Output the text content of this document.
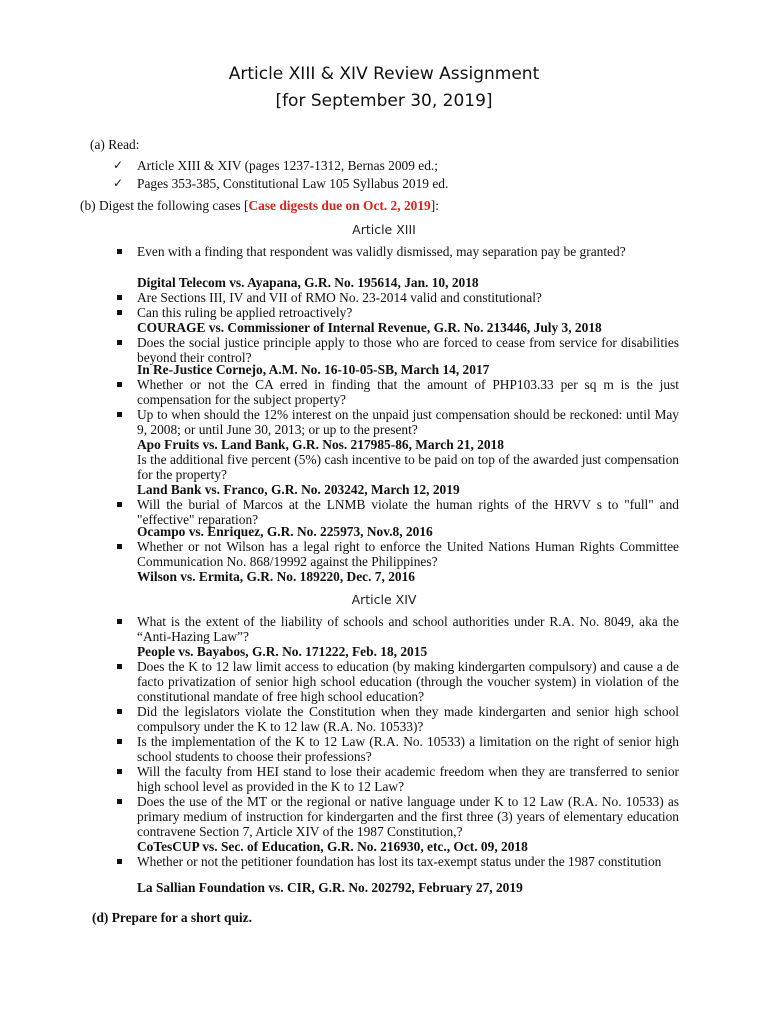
Article XIII & XIV Review Assignment
[for September 30, 2019]
(a) Read:
✓ Article XIII & XIV (pages 1237-1312, Bernas 2009 ed.;
✓ Pages 353-385, Constitutional Law 105 Syllabus 2019 ed.
(b) Digest the following cases [Case digests due on Oct. 2, 2019]:
Article XIII
Even with a finding that respondent was validly dismissed, may separation pay be granted?
Digital Telecom vs. Ayapana, G.R. No. 195614, Jan. 10, 2018
Are Sections III, IV and VII of RMO No. 23-2014 valid and constitutional?
Can this ruling be applied retroactively?
COURAGE vs. Commissioner of Internal Revenue, G.R. No. 213446, July 3, 2018
Does the social justice principle apply to those who are forced to cease from service for disabilities beyond their control?
In Re-Justice Cornejo, A.M. No. 16-10-05-SB, March 14, 2017
Whether or not the CA erred in finding that the amount of PHP103.33 per sq m is the just compensation for the subject property?
Up to when should the 12% interest on the unpaid just compensation should be reckoned: until May 9, 2008; or until June 30, 2013; or up to the present?
Apo Fruits vs. Land Bank, G.R. Nos. 217985-86, March 21, 2018
Is the additional five percent (5%) cash incentive to be paid on top of the awarded just compensation for the property?
Land Bank vs. Franco, G.R. No. 203242, March 12, 2019
Will the burial of Marcos at the LNMB violate the human rights of the HRVV s to "full" and "effective" reparation?
Ocampo vs. Enriquez, G.R. No. 225973, Nov.8, 2016
Whether or not Wilson has a legal right to enforce the United Nations Human Rights Committee Communication No. 868/19992 against the Philippines?
Wilson vs. Ermita, G.R. No. 189220, Dec. 7, 2016
Article XIV
What is the extent of the liability of schools and school authorities under R.A. No. 8049, aka the “Anti-Hazing Law”?
People vs. Bayabos, G.R. No. 171222, Feb. 18, 2015
Does the K to 12 law limit access to education (by making kindergarten compulsory) and cause a de facto privatization of senior high school education (through the voucher system) in violation of the constitutional mandate of free high school education?
Did the legislators violate the Constitution when they made kindergarten and senior high school compulsory under the K to 12 law (R.A. No. 10533)?
Is the implementation of the K to 12 Law (R.A. No. 10533) a limitation on the right of senior high school students to choose their professions?
Will the faculty from HEI stand to lose their academic freedom when they are transferred to senior high school level as provided in the K to 12 Law?
Does the use of the MT or the regional or native language under K to 12 Law (R.A. No. 10533) as primary medium of instruction for kindergarten and the first three (3) years of elementary education contravene Section 7, Article XIV of the 1987 Constitution,?
CoTesCUP vs. Sec. of Education, G.R. No. 216930, etc., Oct. 09, 2018
Whether or not the petitioner foundation has lost its tax-exempt status under the 1987 constitution
La Sallian Foundation vs. CIR, G.R. No. 202792, February 27, 2019
(d) Prepare for a short quiz.
